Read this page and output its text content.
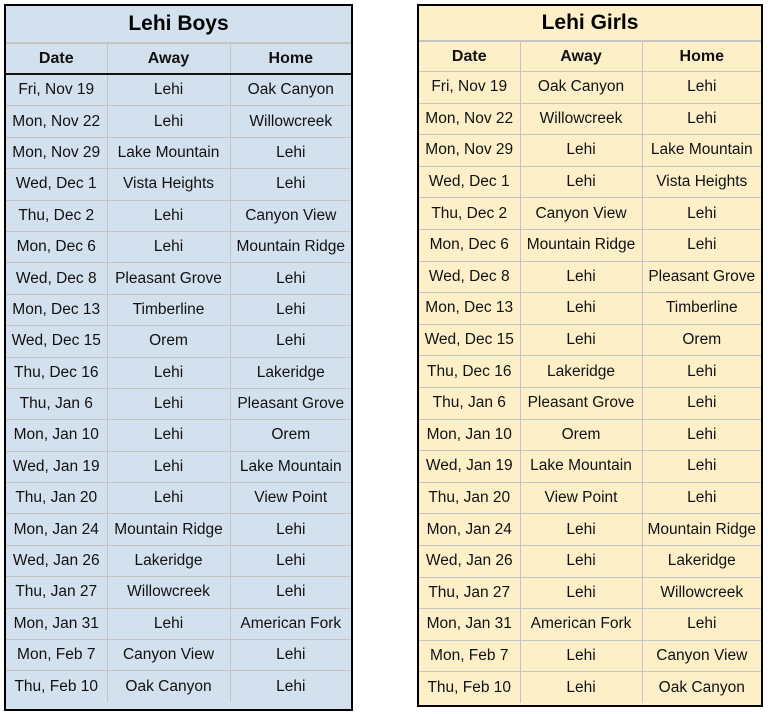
Lehi Boys
Date	Away	Home
Fri, Nov 19	Lehi	Oak Canyon
Mon, Nov 22	Lehi	Willowcreek
Mon, Nov 29	Lake Mountain	Lehi
Wed, Dec 1	Vista Heights	Lehi
Thu, Dec 2	Lehi	Canyon View
Mon, Dec 6	Lehi	Mountain Ridge
Wed, Dec 8	Pleasant Grove	Lehi
Mon, Dec 13	Timberline	Lehi
Wed, Dec 15	Orem	Lehi
Thu, Dec 16	Lehi	Lakeridge
Thu, Jan 6	Lehi	Pleasant Grove
Mon, Jan 10	Lehi	Orem
Wed, Jan 19	Lehi	Lake Mountain
Thu, Jan 20	Lehi	View Point
Mon, Jan 24	Mountain Ridge	Lehi
Wed, Jan 26	Lakeridge	Lehi
Thu, Jan 27	Willowcreek	Lehi
Mon, Jan 31	Lehi	American Fork
Mon, Feb 7	Canyon View	Lehi
Thu, Feb 10	Oak Canyon	Lehi
Lehi Girls
Date	Away	Home
Fri, Nov 19	Oak Canyon	Lehi
Mon, Nov 22	Willowcreek	Lehi
Mon, Nov 29	Lehi	Lake Mountain
Wed, Dec 1	Lehi	Vista Heights
Thu, Dec 2	Canyon View	Lehi
Mon, Dec 6	Mountain Ridge	Lehi
Wed, Dec 8	Lehi	Pleasant Grove
Mon, Dec 13	Lehi	Timberline
Wed, Dec 15	Lehi	Orem
Thu, Dec 16	Lakeridge	Lehi
Thu, Jan 6	Pleasant Grove	Lehi
Mon, Jan 10	Orem	Lehi
Wed, Jan 19	Lake Mountain	Lehi
Thu, Jan 20	View Point	Lehi
Mon, Jan 24	Lehi	Mountain Ridge
Wed, Jan 26	Lehi	Lakeridge
Thu, Jan 27	Lehi	Willowcreek
Mon, Jan 31	American Fork	Lehi
Mon, Feb 7	Lehi	Canyon View
Thu, Feb 10	Lehi	Oak Canyon
